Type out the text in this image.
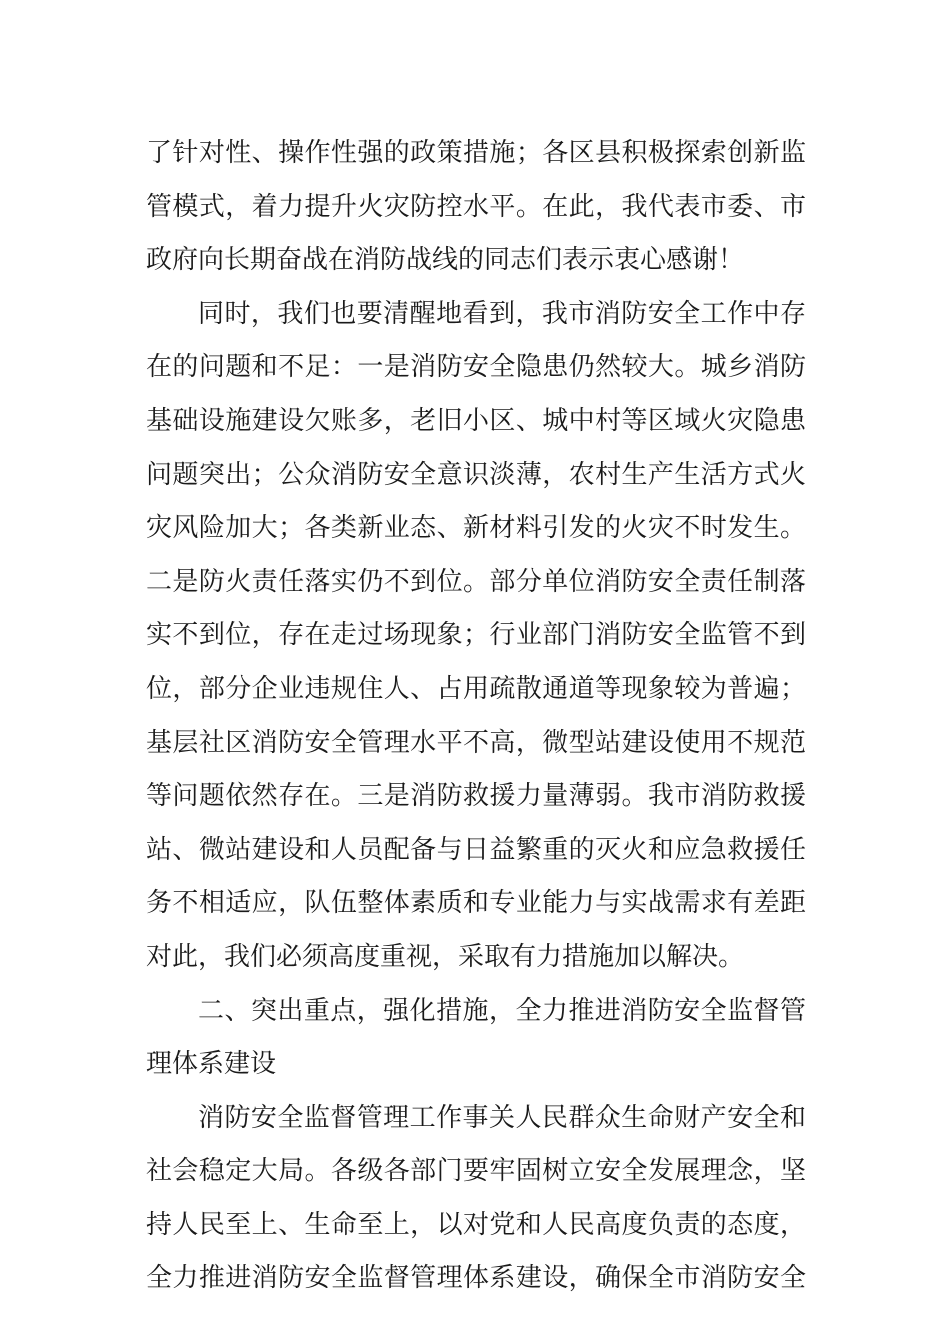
了针对性、操作性强的政策措施；各区县积极探索创新监
管模式，着力提升火灾防控水平。在此，我代表市委、市
政府向长期奋战在消防战线的同志们表示衷心感谢！
同时，我们也要清醒地看到，我市消防安全工作中存
在的问题和不足：一是消防安全隐患仍然较大。城乡消防
基础设施建设欠账多，老旧小区、城中村等区域火灾隐患
问题突出；公众消防安全意识淡薄，农村生产生活方式火
灾风险加大；各类新业态、新材料引发的火灾不时发生。
二是防火责任落实仍不到位。部分单位消防安全责任制落
实不到位，存在走过场现象；行业部门消防安全监管不到
位，部分企业违规住人、占用疏散通道等现象较为普遍；
基层社区消防安全管理水平不高，微型站建设使用不规范
等问题依然存在。三是消防救援力量薄弱。我市消防救援
站、微站建设和人员配备与日益繁重的灭火和应急救援任
务不相适应，队伍整体素质和专业能力与实战需求有差距
对此，我们必须高度重视，采取有力措施加以解决。
二、突出重点，强化措施，全力推进消防安全监督管
理体系建设
消防安全监督管理工作事关人民群众生命财产安全和
社会稳定大局。各级各部门要牢固树立安全发展理念，坚
持人民至上、生命至上，以对党和人民高度负责的态度，
全力推进消防安全监督管理体系建设，确保全市消防安全
